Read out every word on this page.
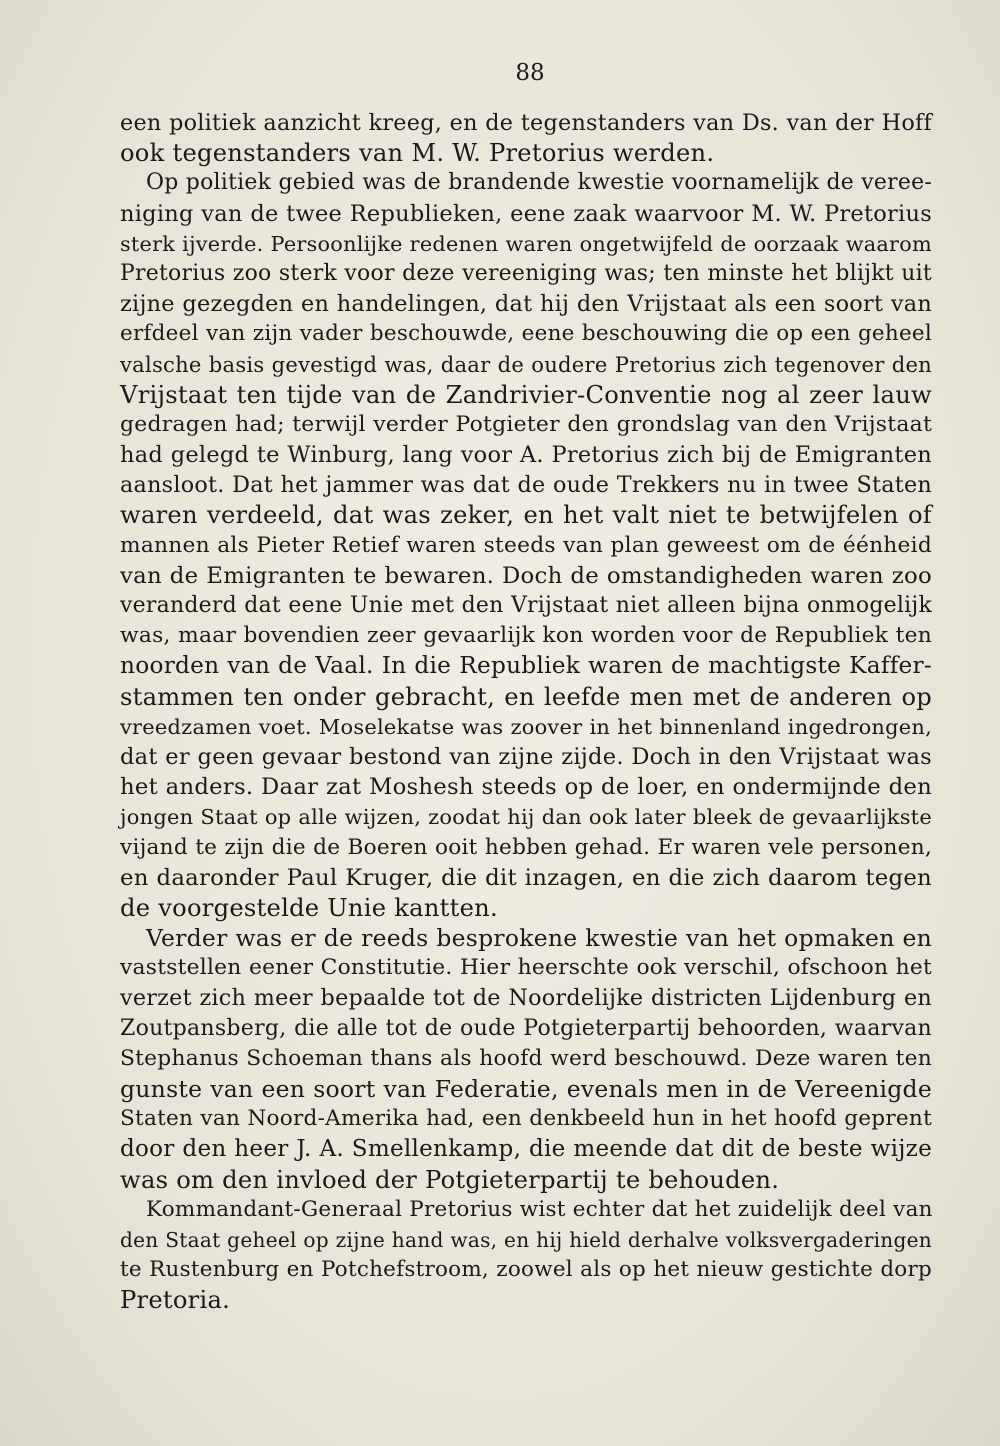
88
een politiek aanzicht kreeg, en de tegenstanders van Ds. van der Hoff
ook tegenstanders van M. W. Pretorius werden.
Op politiek gebied was de brandende kwestie voornamelijk de veree-
niging van de twee Republieken, eene zaak waarvoor M. W. Pretorius
sterk ijverde. Persoonlijke redenen waren ongetwijfeld de oorzaak waarom
Pretorius zoo sterk voor deze vereeniging was; ten minste het blijkt uit
zijne gezegden en handelingen, dat hij den Vrijstaat als een soort van
erfdeel van zijn vader beschouwde, eene beschouwing die op een geheel
valsche basis gevestigd was, daar de oudere Pretorius zich tegenover den
Vrijstaat ten tijde van de Zandrivier-Conventie nog al zeer lauw
gedragen had; terwijl verder Potgieter den grondslag van den Vrijstaat
had gelegd te Winburg, lang voor A. Pretorius zich bij de Emigranten
aansloot. Dat het jammer was dat de oude Trekkers nu in twee Staten
waren verdeeld, dat was zeker, en het valt niet te betwijfelen of
mannen als Pieter Retief waren steeds van plan geweest om de éénheid
van de Emigranten te bewaren. Doch de omstandigheden waren zoo
veranderd dat eene Unie met den Vrijstaat niet alleen bijna onmogelijk
was, maar bovendien zeer gevaarlijk kon worden voor de Republiek ten
noorden van de Vaal. In die Republiek waren de machtigste Kaffer-
stammen ten onder gebracht, en leefde men met de anderen op
vreedzamen voet. Moselekatse was zoover in het binnenland ingedrongen,
dat er geen gevaar bestond van zijne zijde. Doch in den Vrijstaat was
het anders. Daar zat Moshesh steeds op de loer, en ondermijnde den
jongen Staat op alle wijzen, zoodat hij dan ook later bleek de gevaarlijkste
vijand te zijn die de Boeren ooit hebben gehad. Er waren vele personen,
en daaronder Paul Kruger, die dit inzagen, en die zich daarom tegen
de voorgestelde Unie kantten.
Verder was er de reeds besprokene kwestie van het opmaken en
vaststellen eener Constitutie. Hier heerschte ook verschil, ofschoon het
verzet zich meer bepaalde tot de Noordelijke districten Lijdenburg en
Zoutpansberg, die alle tot de oude Potgieterpartij behoorden, waarvan
Stephanus Schoeman thans als hoofd werd beschouwd. Deze waren ten
gunste van een soort van Federatie, evenals men in de Vereenigde
Staten van Noord-Amerika had, een denkbeeld hun in het hoofd geprent
door den heer J. A. Smellenkamp, die meende dat dit de beste wijze
was om den invloed der Potgieterpartij te behouden.
Kommandant-Generaal Pretorius wist echter dat het zuidelijk deel van
den Staat geheel op zijne hand was, en hij hield derhalve volksvergaderingen
te Rustenburg en Potchefstroom, zoowel als op het nieuw gestichte dorp
Pretoria.
